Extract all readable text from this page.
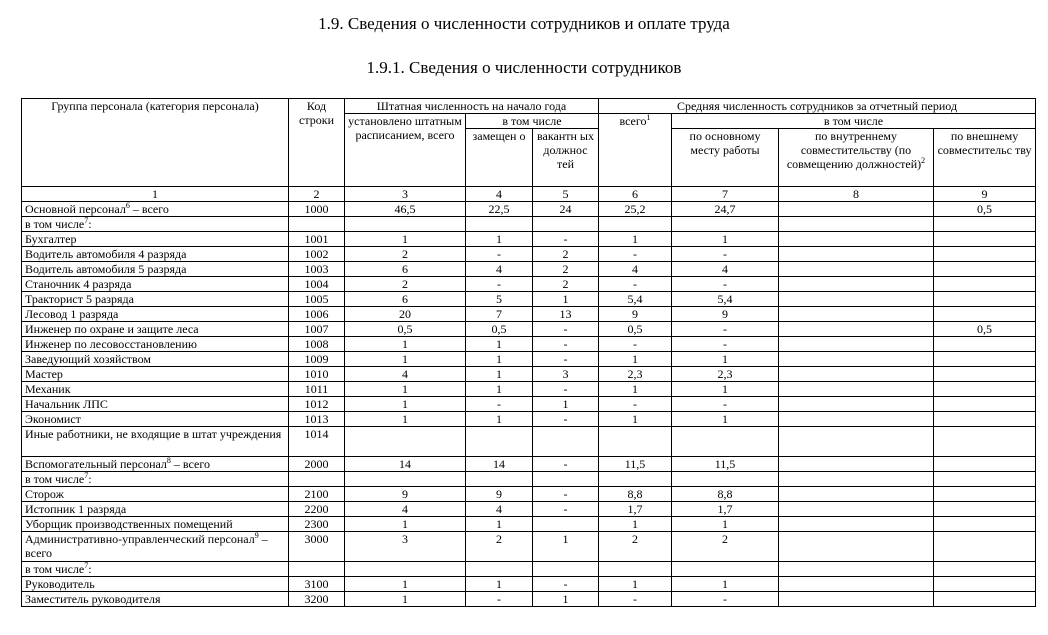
1.9. Сведения о численности сотрудников и оплате труда
1.9.1. Сведения о численности сотрудников
Группа персонала (категория персонала)	Код строки	Штатная численность на начало года			Средняя численность сотрудников за отчетный период			
		установлено штатным расписанием, всего	в том числе		всего$^1$	в том числе		
			замещен о	вакантн ых должнос тей		по основному месту работы	по внутреннему совместительству (по совмещению должностей)$^2$	по внешнему совместительс тву
1	2	3	4	5	6	7	8	9
Основной персонал$^6$ – всего	1000	46,5	22,5	24	25,2	24,7		0,5
в том числе$^7$:								
Бухгалтер	1001	1	1	-	1	1		
Водитель автомобиля 4 разряда	1002	2	-	2	-	-		
Водитель автомобиля 5 разряда	1003	6	4	2	4	4		
Станочник 4 разряда	1004	2	-	2	-	-		
Тракторист 5 разряда	1005	6	5	1	5,4	5,4		
Лесовод 1 разряда	1006	20	7	13	9	9		
Инженер по охране и защите леса	1007	0,5	0,5	-	0,5	-		0,5
Инженер по лесовосстановлению	1008	1	1	-	-	-		
Заведующий хозяйством	1009	1	1	-	1	1		
Мастер	1010	4	1	3	2,3	2,3		
Механик	1011	1	1	-	1	1		
Начальник ЛПС	1012	1	-	1	-	-		
Экономист	1013	1	1	-	1	1		
Иные работники, не входящие в штат учреждения	1014							
Вспомогательный персонал$^8$ – всего	2000	14	14	-	11,5	11,5		
в том числе$^7$:								
Сторож	2100	9	9	-	8,8	8,8		
Истопник 1 разряда	2200	4	4	-	1,7	1,7		
Уборщик производственных помещений	2300	1	1		1	1		
Административно-управленческий персонал$^9$ – всего	3000	3	2	1	2	2		
в том числе$^7$:								
Руководитель	3100	1	1	-	1	1		
Заместитель руководителя	3200	1	-	1	-	-		
